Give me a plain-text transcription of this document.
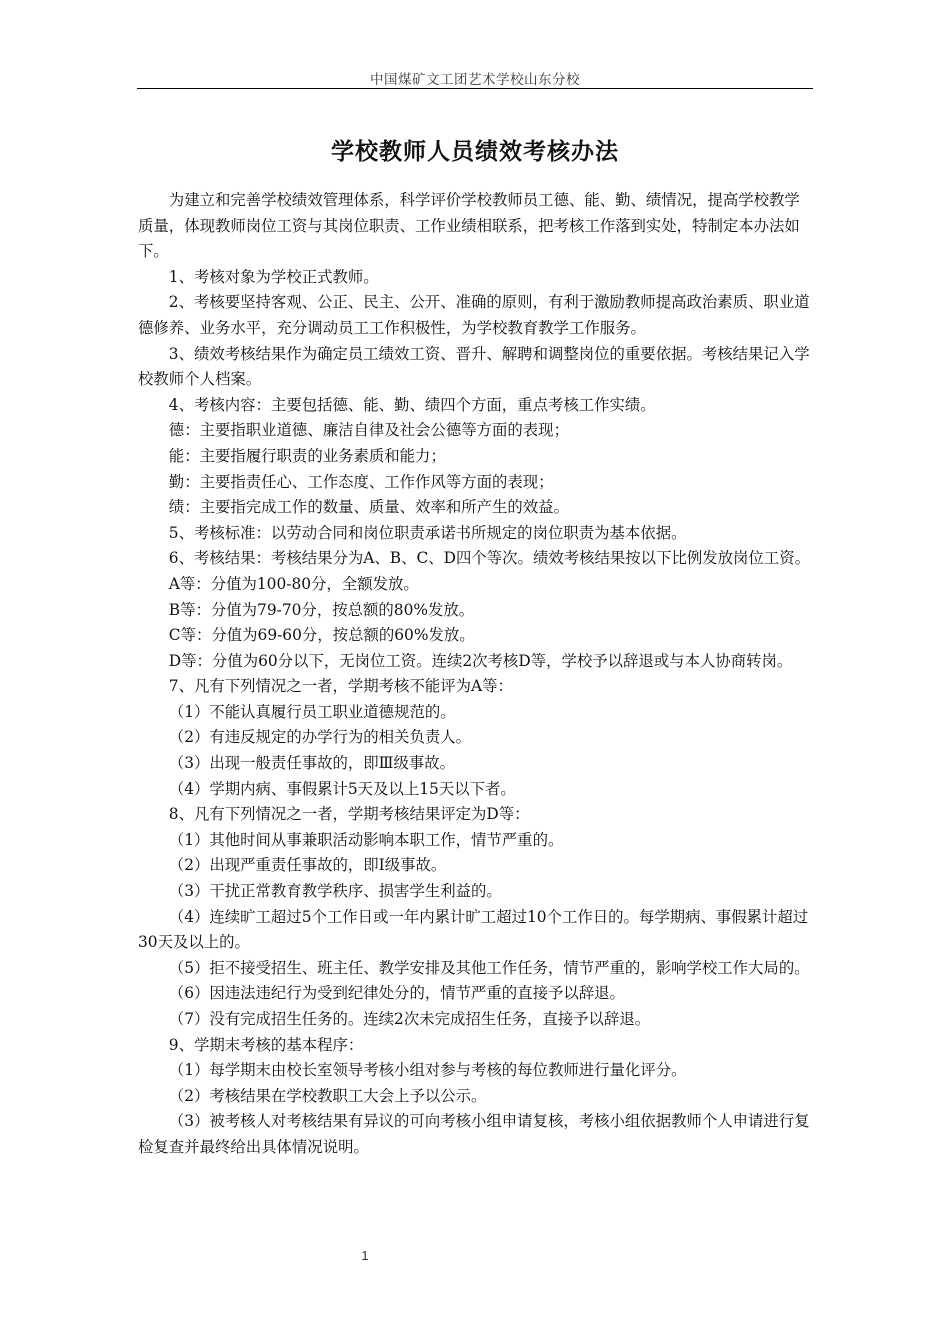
中国煤矿文工团艺术学校山东分校
学校教师人员绩效考核办法

为建立和完善学校绩效管理体系，科学评价学校教师员工德、能、勤、绩情况，提高学校教学质量，体现教师岗位工资与其岗位职责、工作业绩相联系，把考核工作落到实处，特制定本办法如下。

1、考核对象为学校正式教师。

2、考核要坚持客观、公正、民主、公开、准确的原则，有利于激励教师提高政治素质、职业道德修养、业务水平，充分调动员工工作积极性，为学校教育教学工作服务。

3、绩效考核结果作为确定员工绩效工资、晋升、解聘和调整岗位的重要依据。考核结果记入学校教师个人档案。

4、考核内容：主要包括德、能、勤、绩四个方面，重点考核工作实绩。

德：主要指职业道德、廉洁自律及社会公德等方面的表现；

能：主要指履行职责的业务素质和能力；

勤：主要指责任心、工作态度、工作作风等方面的表现；

绩：主要指完成工作的数量、质量、效率和所产生的效益。

5、考核标准：以劳动合同和岗位职责承诺书所规定的岗位职责为基本依据。

6、考核结果：考核结果分为A、B、C、D四个等次。绩效考核结果按以下比例发放岗位工资。

A等：分值为100-80分，全额发放。

B等：分值为79-70分，按总额的80%发放。

C等：分值为69-60分，按总额的60%发放。

D等：分值为60分以下，无岗位工资。连续2次考核D等，学校予以辞退或与本人协商转岗。

7、凡有下列情况之一者，学期考核不能评为A等：

（1）不能认真履行员工职业道德规范的。

（2）有违反规定的办学行为的相关负责人。

（3）出现一般责任事故的，即Ⅲ级事故。

（4）学期内病、事假累计5天及以上15天以下者。

8、凡有下列情况之一者，学期考核结果评定为D等：

（1）其他时间从事兼职活动影响本职工作，情节严重的。

（2）出现严重责任事故的，即Ⅰ级事故。

（3）干扰正常教育教学秩序、损害学生利益的。

（4）连续旷工超过5个工作日或一年内累计旷工超过10个工作日的。每学期病、事假累计超过30天及以上的。

（5）拒不接受招生、班主任、教学安排及其他工作任务，情节严重的，影响学校工作大局的。

（6）因违法违纪行为受到纪律处分的，情节严重的直接予以辞退。

（7）没有完成招生任务的。连续2次未完成招生任务，直接予以辞退。

9、学期末考核的基本程序：

（1）每学期末由校长室领导考核小组对参与考核的每位教师进行量化评分。

（2）考核结果在学校教职工大会上予以公示。

（3）被考核人对考核结果有异议的可向考核小组申请复核，考核小组依据教师个人申请进行复检复查并最终给出具体情况说明。

1
